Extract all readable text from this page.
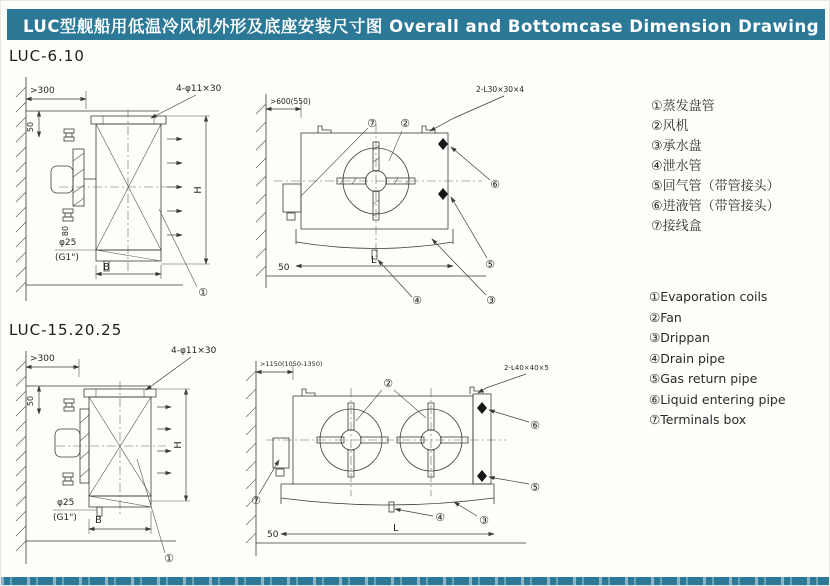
LUC型舰船用低温冷风机外形及底座安装尺寸图 Overall and Bottomcase Dimension Drawing
LUC-6.10
>300
50
H
4-φ11×30
80
φ25
(G1")
B
①
>600(550)
L
50
2-L30×30×4
⑦ ②
⑥
⑤
④	③
LUC-15.20.25
>300
50
H
4-φ11×30
φ25
(G1") B
①
>1150(1050-1350)
L
50
2-L40×40×5
②
⑥
⑤
⑦
④	③
①蒸发盘管
②风机
③承水盘
④泄水管
⑤回气管（带管接头）
⑥进液管（带管接头）
⑦接线盒
①Evaporation coils
②Fan
③Drippan
④Drain pipe
⑤Gas return pipe
⑥Liquid entering pipe
⑦Terminals box
